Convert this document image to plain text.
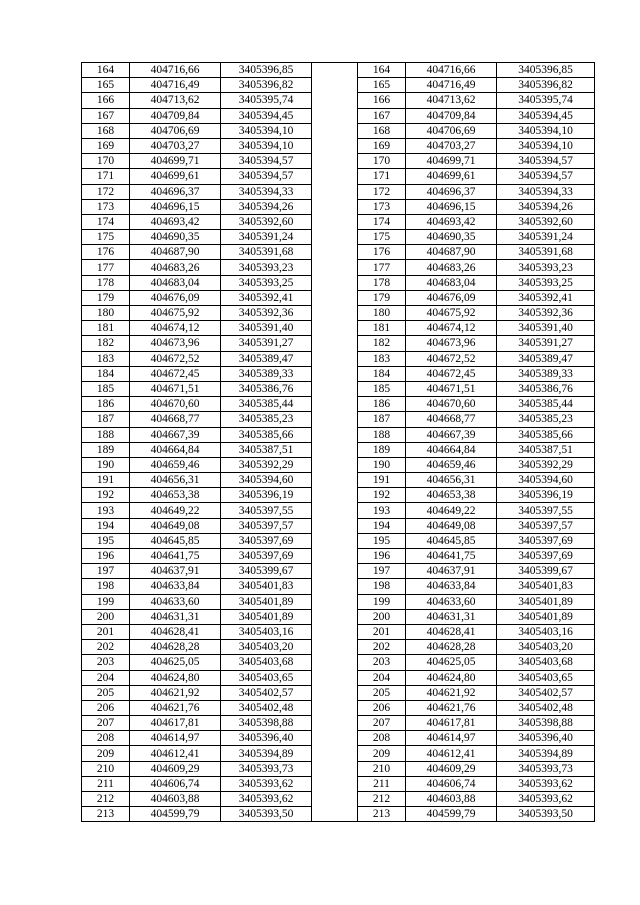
164	404716,66	3405396,85		164	404716,66	3405396,85
165	404716,49	3405396,82		165	404716,49	3405396,82
166	404713,62	3405395,74		166	404713,62	3405395,74
167	404709,84	3405394,45		167	404709,84	3405394,45
168	404706,69	3405394,10		168	404706,69	3405394,10
169	404703,27	3405394,10		169	404703,27	3405394,10
170	404699,71	3405394,57		170	404699,71	3405394,57
171	404699,61	3405394,57		171	404699,61	3405394,57
172	404696,37	3405394,33		172	404696,37	3405394,33
173	404696,15	3405394,26		173	404696,15	3405394,26
174	404693,42	3405392,60		174	404693,42	3405392,60
175	404690,35	3405391,24		175	404690,35	3405391,24
176	404687,90	3405391,68		176	404687,90	3405391,68
177	404683,26	3405393,23		177	404683,26	3405393,23
178	404683,04	3405393,25		178	404683,04	3405393,25
179	404676,09	3405392,41		179	404676,09	3405392,41
180	404675,92	3405392,36		180	404675,92	3405392,36
181	404674,12	3405391,40		181	404674,12	3405391,40
182	404673,96	3405391,27		182	404673,96	3405391,27
183	404672,52	3405389,47		183	404672,52	3405389,47
184	404672,45	3405389,33		184	404672,45	3405389,33
185	404671,51	3405386,76		185	404671,51	3405386,76
186	404670,60	3405385,44		186	404670,60	3405385,44
187	404668,77	3405385,23		187	404668,77	3405385,23
188	404667,39	3405385,66		188	404667,39	3405385,66
189	404664,84	3405387,51		189	404664,84	3405387,51
190	404659,46	3405392,29		190	404659,46	3405392,29
191	404656,31	3405394,60		191	404656,31	3405394,60
192	404653,38	3405396,19		192	404653,38	3405396,19
193	404649,22	3405397,55		193	404649,22	3405397,55
194	404649,08	3405397,57		194	404649,08	3405397,57
195	404645,85	3405397,69		195	404645,85	3405397,69
196	404641,75	3405397,69		196	404641,75	3405397,69
197	404637,91	3405399,67		197	404637,91	3405399,67
198	404633,84	3405401,83		198	404633,84	3405401,83
199	404633,60	3405401,89		199	404633,60	3405401,89
200	404631,31	3405401,89		200	404631,31	3405401,89
201	404628,41	3405403,16		201	404628,41	3405403,16
202	404628,28	3405403,20		202	404628,28	3405403,20
203	404625,05	3405403,68		203	404625,05	3405403,68
204	404624,80	3405403,65		204	404624,80	3405403,65
205	404621,92	3405402,57		205	404621,92	3405402,57
206	404621,76	3405402,48		206	404621,76	3405402,48
207	404617,81	3405398,88		207	404617,81	3405398,88
208	404614,97	3405396,40		208	404614,97	3405396,40
209	404612,41	3405394,89		209	404612,41	3405394,89
210	404609,29	3405393,73		210	404609,29	3405393,73
211	404606,74	3405393,62		211	404606,74	3405393,62
212	404603,88	3405393,62		212	404603,88	3405393,62
213	404599,79	3405393,50		213	404599,79	3405393,50
